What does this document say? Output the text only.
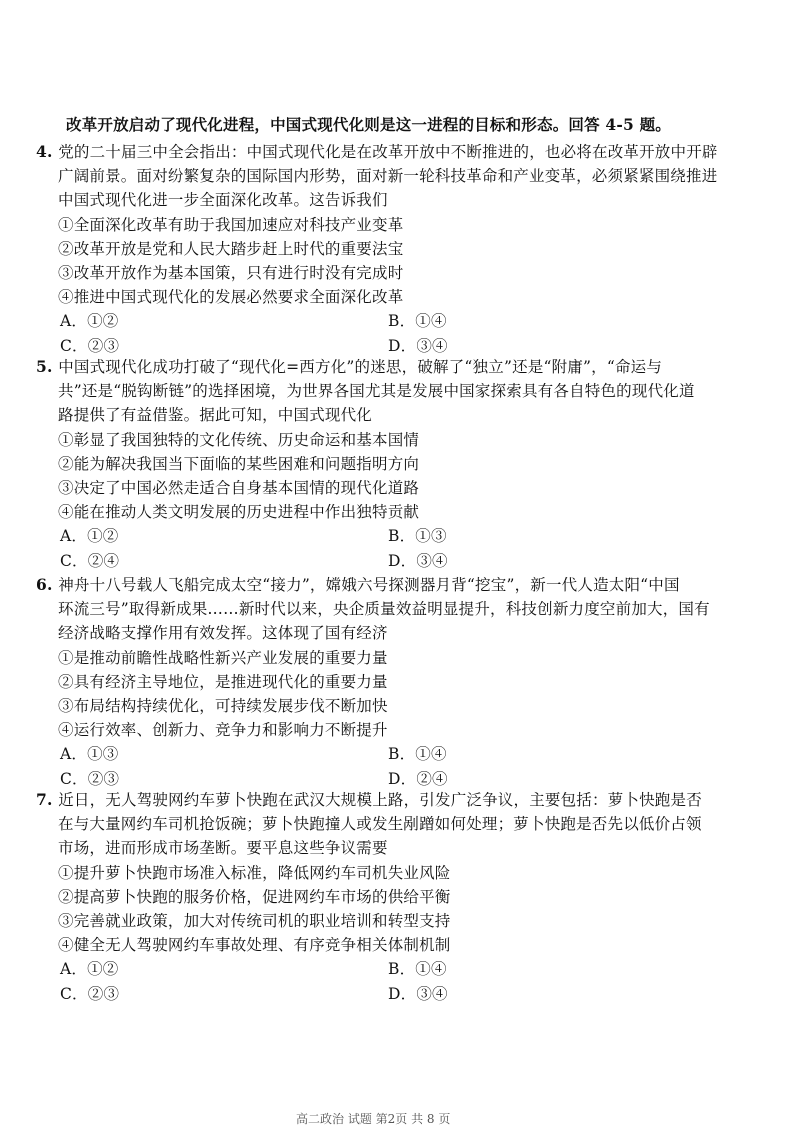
改革开放启动了现代化进程，中国式现代化则是这一进程的目标和形态。回答 4-5 题。
4. 党的二十届三中全会指出：中国式现代化是在改革开放中不断推进的，也必将在改革开放中开辟
广阔前景。面对纷繁复杂的国际国内形势，面对新一轮科技革命和产业变革，必须紧紧围绕推进
中国式现代化进一步全面深化改革。这告诉我们
①全面深化改革有助于我国加速应对科技产业变革
②改革开放是党和人民大踏步赶上时代的重要法宝
③改革开放作为基本国策，只有进行时没有完成时
④推进中国式现代化的发展必然要求全面深化改革
A．①②	B．①④
C．②③	D．③④
5. 中国式现代化成功打破了“现代化=西方化”的迷思，破解了“独立”还是“附庸”，“命运与
共”还是“脱钩断链”的选择困境，为世界各国尤其是发展中国家探索具有各自特色的现代化道
路提供了有益借鉴。据此可知，中国式现代化
①彰显了我国独特的文化传统、历史命运和基本国情
②能为解决我国当下面临的某些困难和问题指明方向
③决定了中国必然走适合自身基本国情的现代化道路
④能在推动人类文明发展的历史进程中作出独特贡献
A．①②	B．①③
C．②④	D．③④
6. 神舟十八号载人飞船完成太空“接力”，嫦娥六号探测器月背“挖宝”，新一代人造太阳“中国
环流三号”取得新成果……新时代以来，央企质量效益明显提升，科技创新力度空前加大，国有
经济战略支撑作用有效发挥。这体现了国有经济
①是推动前瞻性战略性新兴产业发展的重要力量
②具有经济主导地位，是推进现代化的重要力量
③布局结构持续优化，可持续发展步伐不断加快
④运行效率、创新力、竞争力和影响力不断提升
A．①③	B．①④
C．②③	D．②④
7. 近日，无人驾驶网约车萝卜快跑在武汉大规模上路，引发广泛争议，主要包括：萝卜快跑是否
在与大量网约车司机抢饭碗；萝卜快跑撞人或发生剐蹭如何处理；萝卜快跑是否先以低价占领
市场，进而形成市场垄断。要平息这些争议需要
①提升萝卜快跑市场准入标准，降低网约车司机失业风险
②提高萝卜快跑的服务价格，促进网约车市场的供给平衡
③完善就业政策，加大对传统司机的职业培训和转型支持
④健全无人驾驶网约车事故处理、有序竞争相关体制机制
A．①②	B．①④
C．②③	D．③④
高二政治 试题 第2页 共 8 页
